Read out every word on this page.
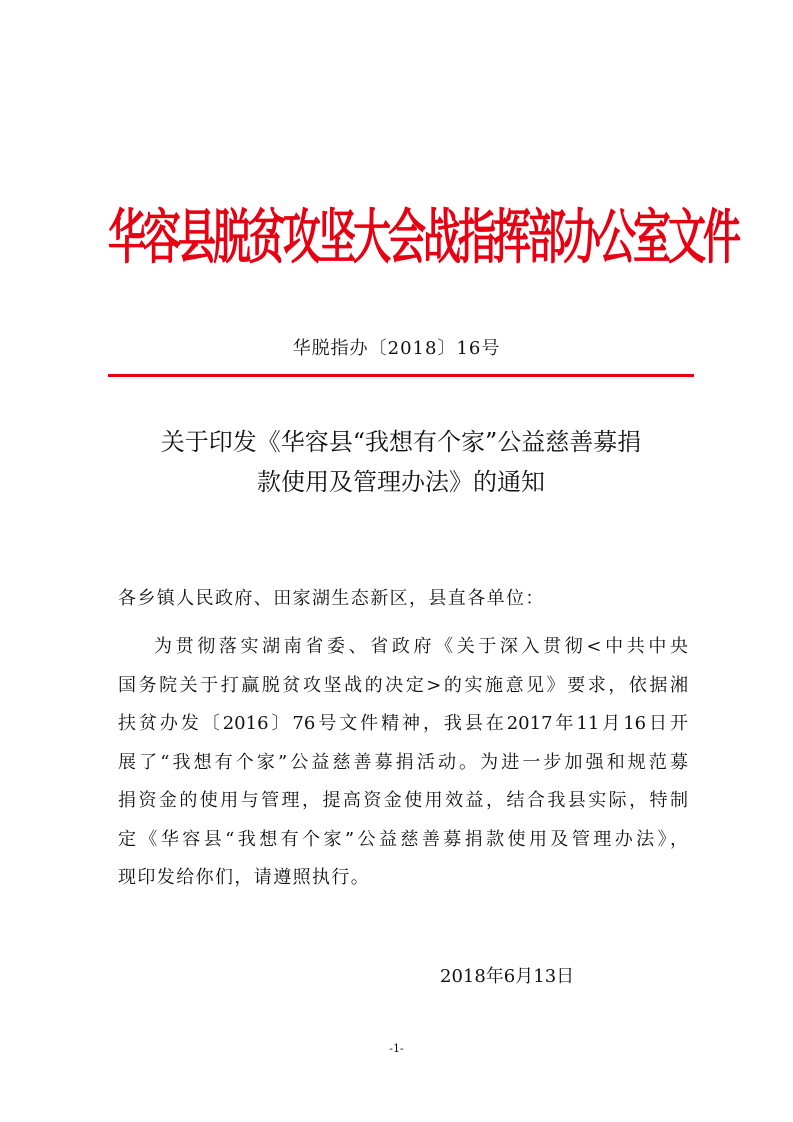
华容县脱贫攻坚大会战指挥部办公室文件
华脱指办〔2018〕16号
关于印发《华容县“我想有个家”公益慈善募捐
款使用及管理办法》的通知
各乡镇人民政府、田家湖生态新区，县直各单位：
为贯彻落实湖南省委、省政府《关于深入贯彻<中共中央
国务院关于打赢脱贫攻坚战的决定>的实施意见》要求，依据湘
扶贫办发〔2016〕76号文件精神，我县在2017年11月16日开
展了“我想有个家”公益慈善募捐活动。为进一步加强和规范募
捐资金的使用与管理，提高资金使用效益，结合我县实际，特制
定《华容县“我想有个家”公益慈善募捐款使用及管理办法》，
现印发给你们，请遵照执行。
2018年6月13日
-1-
